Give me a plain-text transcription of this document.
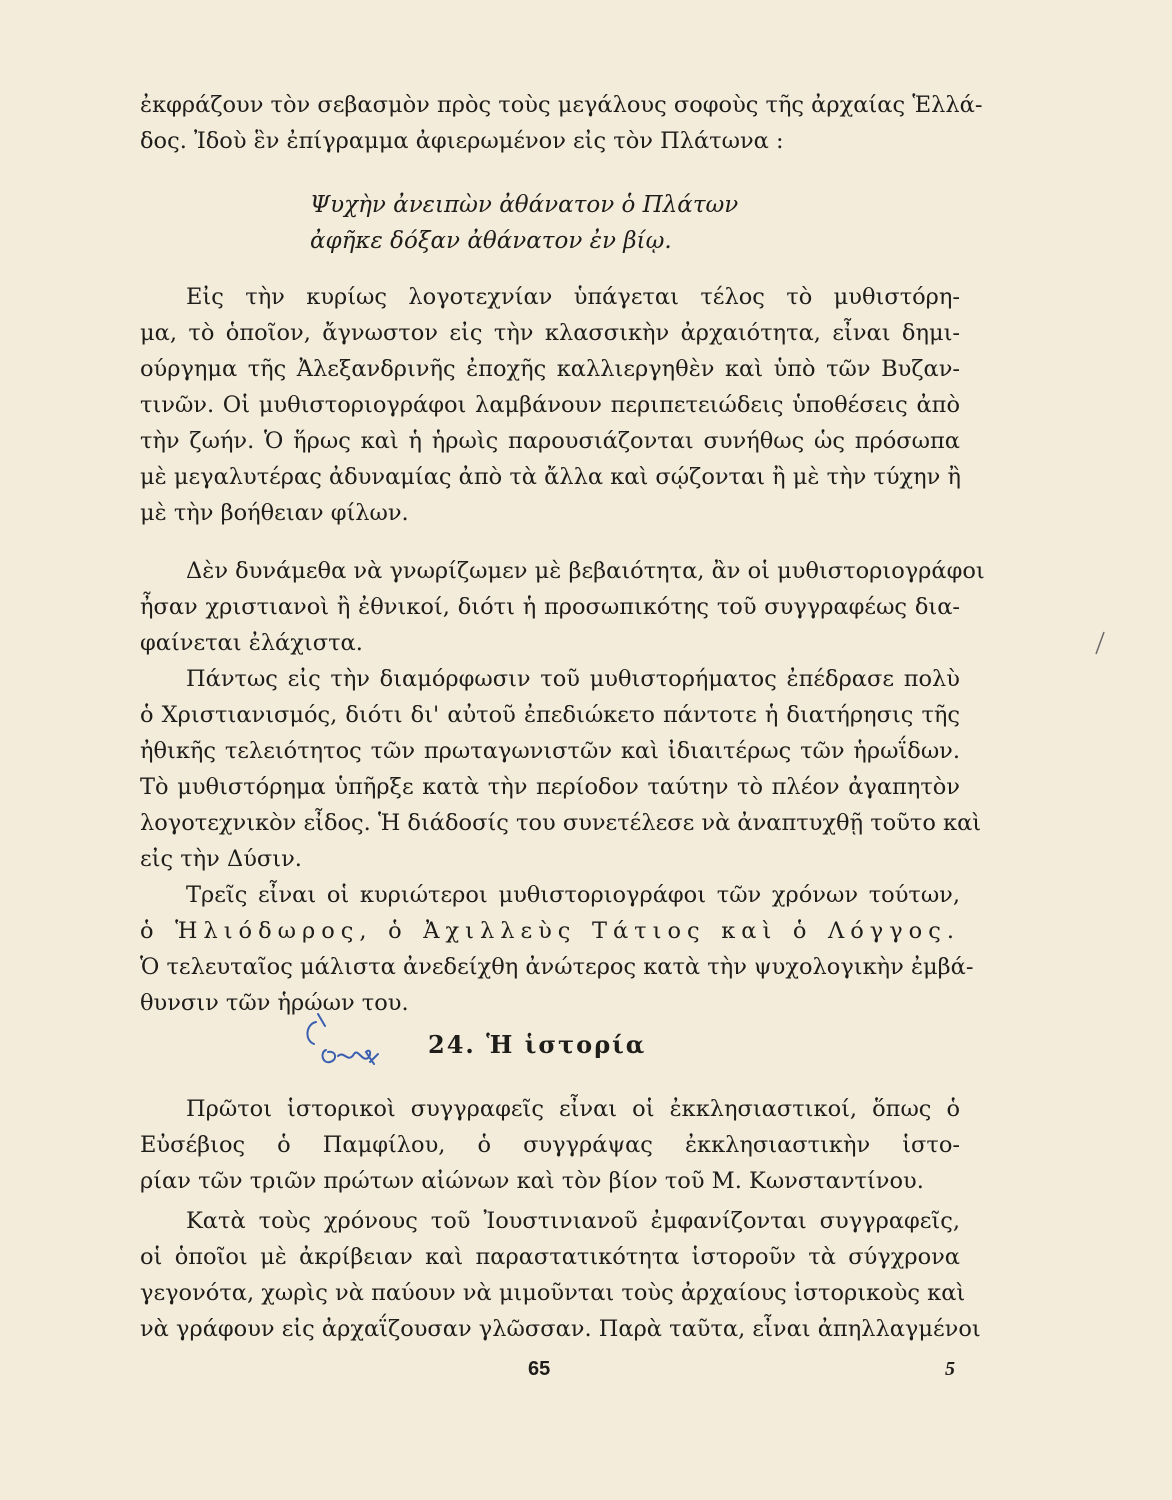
ἐκφράζουν τὸν σεβασμὸν πρὸς τοὺς μεγάλους σοφοὺς τῆς ἀρχαίας Ἑλλά-
δος. Ἰδοὺ ἓν ἐπίγραμμα ἀφιερωμένον εἰς τὸν Πλάτωνα :
Ψυχὴν ἀνειπὼν ἀθάνατον ὁ Πλάτων
ἀφῆκε δόξαν ἀθάνατον ἐν βίῳ.
Εἰς τὴν κυρίως λογοτεχνίαν ὑπάγεται τέλος τὸ μυθιστόρη-
μα, τὸ ὁποῖον, ἄγνωστον εἰς τὴν κλασσικὴν ἀρχαιότητα, εἶναι δημι-
ούργημα τῆς Ἀλεξανδρινῆς ἐποχῆς καλλιεργηθὲν καὶ ὑπὸ τῶν Βυζαν-
τινῶν. Οἱ μυθιστοριογράφοι λαμβάνουν περιπετειώδεις ὑποθέσεις ἀπὸ
τὴν ζωήν. Ὁ ἥρως καὶ ἡ ἡρωὶς παρουσιάζονται συνήθως ὡς πρόσωπα
μὲ μεγαλυτέρας ἀδυναμίας ἀπὸ τὰ ἄλλα καὶ σῴζονται ἢ μὲ τὴν τύχην ἢ
μὲ τὴν βοήθειαν φίλων.
Δὲν δυνάμεθα νὰ γνωρίζωμεν μὲ βεβαιότητα, ἂν οἱ μυθιστοριογράφοι
ἦσαν χριστιανοὶ ἢ ἐθνικοί, διότι ἡ προσωπικότης τοῦ συγγραφέως δια-
φαίνεται ἐλάχιστα.
Πάντως εἰς τὴν διαμόρφωσιν τοῦ μυθιστορήματος ἐπέδρασε πολὺ
ὁ Χριστιανισμός, διότι δι' αὐτοῦ ἐπεδιώκετο πάντοτε ἡ διατήρησις τῆς
ἠθικῆς τελειότητος τῶν πρωταγωνιστῶν καὶ ἰδιαιτέρως τῶν ἡρωΐδων.
Τὸ μυθιστόρημα ὑπῆρξε κατὰ τὴν περίοδον ταύτην τὸ πλέον ἀγαπητὸν
λογοτεχνικὸν εἶδος. Ἡ διάδοσίς του συνετέλεσε νὰ ἀναπτυχθῇ τοῦτο καὶ
εἰς τὴν Δύσιν.
Τρεῖς εἶναι οἱ κυριώτεροι μυθιστοριογράφοι τῶν χρόνων τούτων,
ὁ Ἡλιόδωρος, ὁ Ἀχιλλεὺς Τάτιος καὶ ὁ Λόγγος.
Ὁ τελευταῖος μάλιστα ἀνεδείχθη ἀνώτερος κατὰ τὴν ψυχολογικὴν ἐμβά-
θυνσιν τῶν ἡρώων του.
24. Ἡ ἱστορία
Πρῶτοι ἱστορικοὶ συγγραφεῖς εἶναι οἱ ἐκκλησιαστικοί, ὅπως ὁ
Εὐσέβιος ὁ Παμφίλου, ὁ συγγράψας ἐκκλησιαστικὴν ἱστο-
ρίαν τῶν τριῶν πρώτων αἰώνων καὶ τὸν βίον τοῦ Μ. Κωνσταντίνου.
Κατὰ τοὺς χρόνους τοῦ Ἰουστινιανοῦ ἐμφανίζονται συγγραφεῖς,
οἱ ὁποῖοι μὲ ἀκρίβειαν καὶ παραστατικότητα ἱστοροῦν τὰ σύγχρονα
γεγονότα, χωρὶς νὰ παύουν νὰ μιμοῦνται τοὺς ἀρχαίους ἱστορικοὺς καὶ
νὰ γράφουν εἰς ἀρχαΐζουσαν γλῶσσαν. Παρὰ ταῦτα, εἶναι ἀπηλλαγμένοι
65	5
